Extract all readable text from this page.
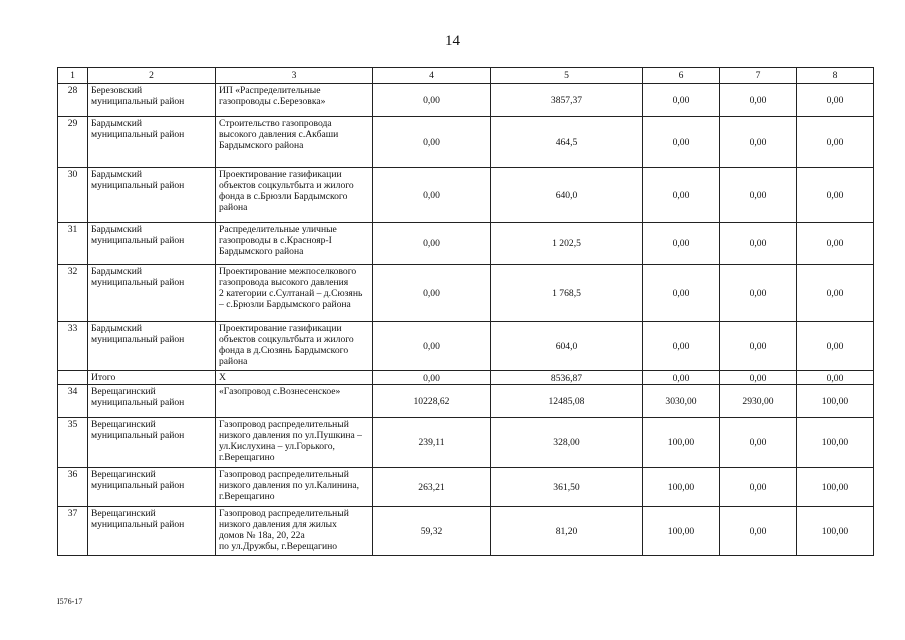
14
1	2	3	4	5	6	7	8
28	Березовский
муниципальный район	ИП «Распределительные
газопроводы с.Березовка»	0,00	3857,37	0,00	0,00	0,00
29	Бардымский
муниципальный район	Строительство газопровода
высокого давления с.Акбаши
Бардымского района	0,00	464,5	0,00	0,00	0,00
30	Бардымский
муниципальный район	Проектирование газификации
объектов соцкультбыта и жилого
фонда в с.Брюзли Бардымского
района	0,00	640,0	0,00	0,00	0,00
31	Бардымский
муниципальный район	Распределительные уличные
газопроводы в с.Краснояр-I
Бардымского района	0,00	1 202,5	0,00	0,00	0,00
32	Бардымский
муниципальный район	Проектирование межпоселкового
газопровода высокого давления
2 категории с.Султанай – д.Сюзянь
– с.Брюзли Бардымского района	0,00	1 768,5	0,00	0,00	0,00
33	Бардымский
муниципальный район	Проектирование газификации
объектов соцкультбыта и жилого
фонда в д.Сюзянь Бардымского
района	0,00	604,0	0,00	0,00	0,00
	Итого	Х	0,00	8536,87	0,00	0,00	0,00
34	Верещагинский
муниципальный район	«Газопровод с.Вознесенское»	10228,62	12485,08	3030,00	2930,00	100,00
35	Верещагинский
муниципальный район	Газопровод распределительный
низкого давления по ул.Пушкина –
ул.Кислухина – ул.Горького,
г.Верещагино	239,11	328,00	100,00	0,00	100,00
36	Верещагинский
муниципальный район	Газопровод распределительный
низкого давления по ул.Калинина,
г.Верещагино	263,21	361,50	100,00	0,00	100,00
37	Верещагинский
муниципальный район	Газопровод распределительный
низкого давления для жилых
домов № 18а, 20, 22а
по ул.Дружбы, г.Верещагино	59,32	81,20	100,00	0,00	100,00
I576-17
